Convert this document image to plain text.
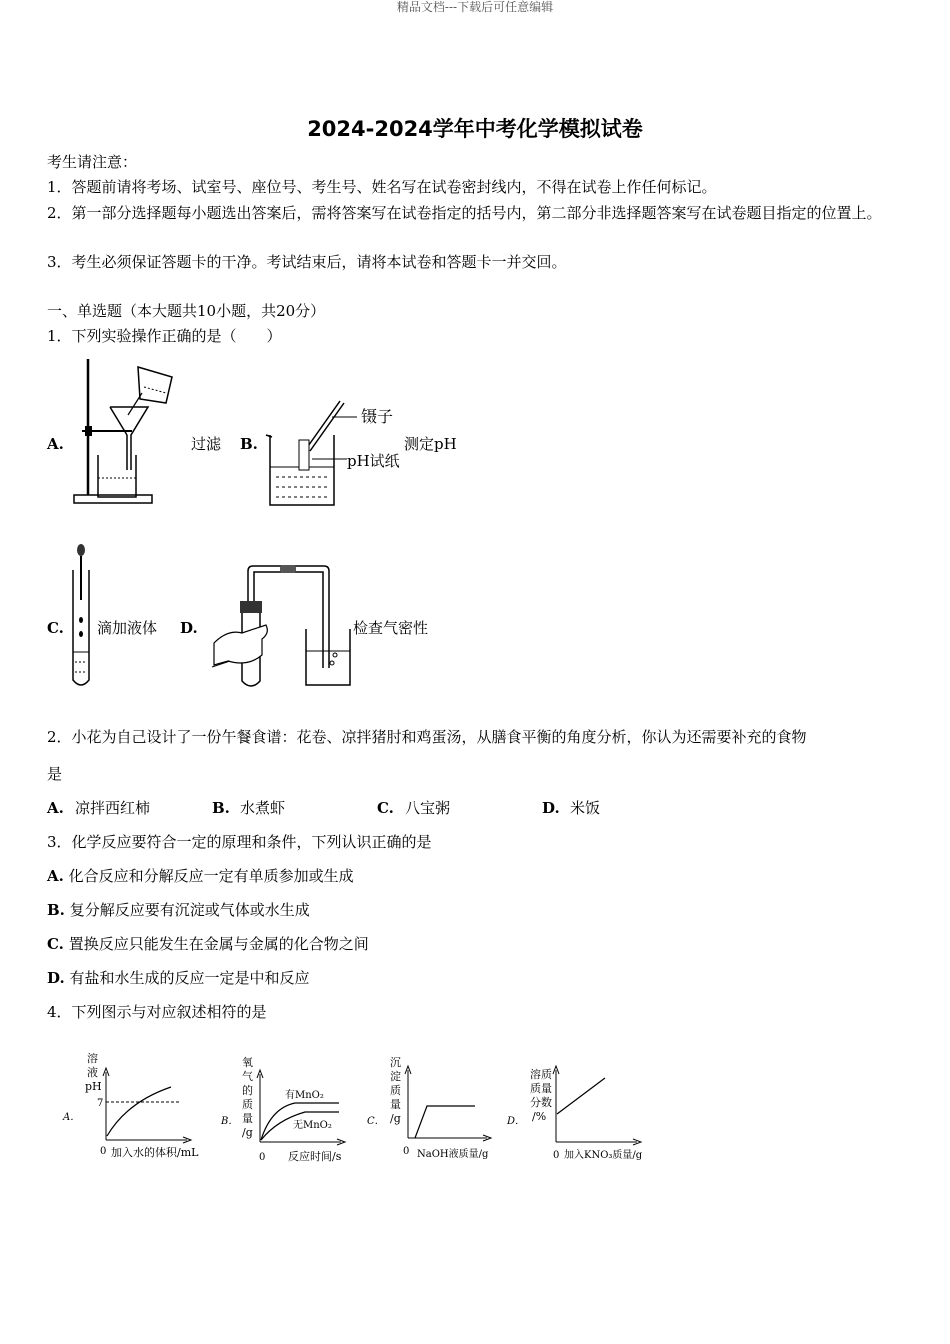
精品文档---下载后可任意编辑
2024-2024学年中考化学模拟试卷
考生请注意：
1．答题前请将考场、试室号、座位号、考生号、姓名写在试卷密封线内，不得在试卷上作任何标记。
2．第一部分选择题每小题选出答案后，需将答案写在试卷指定的括号内，第二部分非选择题答案写在试卷题目指定的位置上。
3．考生必须保证答题卡的干净。考试结束后，请将本试卷和答题卡一并交回。
一、单选题（本大题共10小题，共20分）
1．下列实验操作正确的是（　　）
A.	过滤 B.
镊子
pH试纸
测定pH
C. 滴加液体 D.	检查气密性
2．小花为自己设计了一份午餐食谱：花卷、凉拌猪肘和鸡蛋汤，从膳食平衡的角度分析，你认为还需要补充的食物
是
A. 凉拌西红柿	B. 水煮虾	C. 八宝粥	D. 米饭
3．化学反应要符合一定的原理和条件，下列认识正确的是
A. 化合反应和分解反应一定有单质参加或生成
B. 复分解反应要有沉淀或气体或水生成
C. 置换反应只能发生在金属与金属的化合物之间
D. 有盐和水生成的反应一定是中和反应
4．下列图示与对应叙述相符的是
A．
溶
液
pH
7
0 加入水的体积/mL
B．
氧
气
的
质
量
/g
有MnO₂
无MnO₂
0 反应时间/s
C．
沉
淀
质
量
/g
0 NaOH液质量/g
D．
溶质
质量
分数
/%
0 加入KNO₃质量/g
